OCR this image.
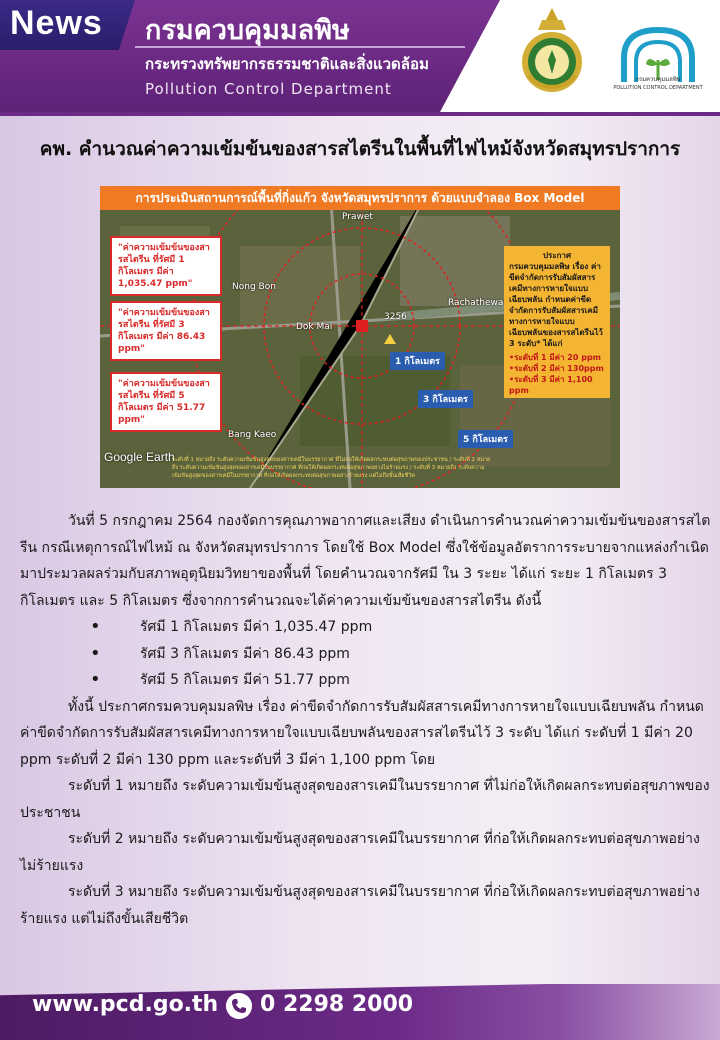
News กรมควบคุมมลพิษ
กระทรวงทรัพยากรธรรมชาติและสิ่งแวดล้อม
Pollution Control Department
กรมควบคุมมลพิษ
POLLUTION CONTROL DEPARTMENT
คพ. คำนวณค่าความเข้มข้นของสารสไตรีนในพื้นที่ไฟไหม้จังหวัดสมุทรปราการ
การประเมินสถานการณ์พื้นที่กิ่งแก้ว จังหวัดสมุทรปราการ ด้วยแบบจำลอง Box Model
"ค่าความเข้มข้นของสารสไตรีน ที่รัศมี 1 กิโลเมตร มีค่า 1,035.47 ppm"
"ค่าความเข้มข้นของสารสไตรีน ที่รัศมี 3 กิโลเมตร มีค่า 86.43 ppm"
"ค่าความเข้มข้นของสารสไตรีน ที่รัศมี 5 กิโลเมตร มีค่า 51.77 ppm"
ประกาศ
กรมควบคุมมลพิษ เรื่อง ค่าขีดจำกัดการรับสัมผัสสารเคมีทางการหายใจแบบเฉียบพลัน กำหนดค่าขีดจำกัดการรับสัมผัสสารเคมีทางการหายใจแบบเฉียบพลันของสารสไตรีนไว้ 3 ระดับ* ได้แก่
• ระดับที่ 1 มีค่า 20 ppm
• ระดับที่ 2 มีค่า 130ppm
• ระดับที่ 3 มีค่า 1,100 ppm
1 กิโลเมตร
3 กิโลเมตร
5 กิโลเมตร
Prawet
Nong Bon
Rachathewa
Dok Mai
Bang Kaeo
3256
Google Earth
ระดับที่ 1 หมายถึง ระดับความเข้มข้นสูงสุดของสารเคมีในบรรยากาศ ที่ไม่ก่อให้เกิดผลกระทบต่อสุขภาพของประชาชน / ระดับที่ 2 หมายถึง ระดับความเข้มข้นสูงสุดของสารเคมีในบรรยากาศ ที่ก่อให้เกิดผลกระทบต่อสุขภาพอย่างไม่ร้ายแรง / ระดับที่ 3 หมายถึง ระดับความเข้มข้นสูงสุดของสารเคมีในบรรยากาศ ที่ก่อให้เกิดผลกระทบต่อสุขภาพอย่างร้ายแรง แต่ไม่ถึงขั้นเสียชีวิต

วันที่ 5 กรกฎาคม 2564 กองจัดการคุณภาพอากาศและเสียง ดำเนินการคำนวณค่าความเข้มข้นของสารสไตรีน กรณีเหตุการณ์ไฟไหม้ ณ จังหวัดสมุทรปราการ โดยใช้ Box Model ซึ่งใช้ข้อมูลอัตราการระบายจากแหล่งกำเนิด มาประมวลผลร่วมกับสภาพอุตุนิยมวิทยาของพื้นที่ โดยคำนวณจากรัศมี ใน 3 ระยะ ได้แก่ ระยะ 1 กิโลเมตร 3 กิโลเมตร และ 5 กิโลเมตร ซึ่งจากการคำนวณจะได้ค่าความเข้มข้นของสารสไตรีน ดังนี้

• รัศมี 1 กิโลเมตร มีค่า 1,035.47 ppm
• รัศมี 3 กิโลเมตร มีค่า 86.43 ppm
• รัศมี 5 กิโลเมตร มีค่า 51.77 ppm

ทั้งนี้ ประกาศกรมควบคุมมลพิษ เรื่อง ค่าขีดจำกัดการรับสัมผัสสารเคมีทางการหายใจแบบเฉียบพลัน กำหนดค่าขีดจำกัดการรับสัมผัสสารเคมีทางการหายใจแบบเฉียบพลันของสารสไตรีนไว้ 3 ระดับ ได้แก่ ระดับที่ 1 มีค่า 20 ppm ระดับที่ 2 มีค่า 130 ppm และระดับที่ 3 มีค่า 1,100 ppm โดย

ระดับที่ 1 หมายถึง ระดับความเข้มข้นสูงสุดของสารเคมีในบรรยากาศ ที่ไม่ก่อให้เกิดผลกระทบต่อสุขภาพของประชาชน

ระดับที่ 2 หมายถึง ระดับความเข้มข้นสูงสุดของสารเคมีในบรรยากาศ ที่ก่อให้เกิดผลกระทบต่อสุขภาพอย่างไม่ร้ายแรง

ระดับที่ 3 หมายถึง ระดับความเข้มข้นสูงสุดของสารเคมีในบรรยากาศ ที่ก่อให้เกิดผลกระทบต่อสุขภาพอย่างร้ายแรง แต่ไม่ถึงขั้นเสียชีวิต

www.pcd.go.th 0 2298 2000
